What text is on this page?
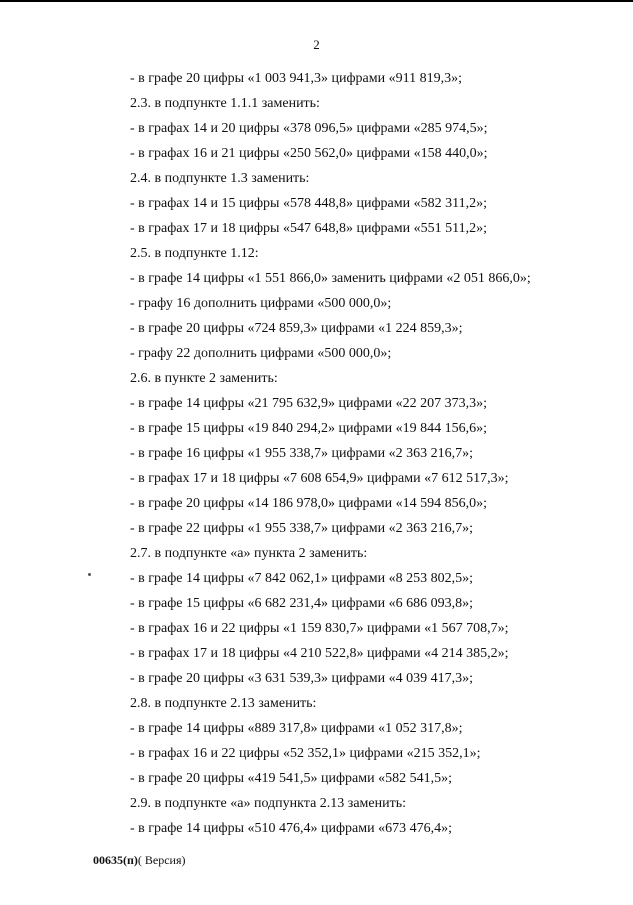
2
- в графе 20 цифры «1 003 941,3» цифрами «911 819,3»;
2.3. в подпункте 1.1.1 заменить:
- в графах 14 и 20 цифры «378 096,5» цифрами «285 974,5»;
- в графах 16 и 21 цифры «250 562,0» цифрами «158 440,0»;
2.4. в подпункте 1.3 заменить:
- в графах 14 и 15 цифры «578 448,8» цифрами «582 311,2»;
- в графах 17 и 18 цифры «547 648,8» цифрами «551 511,2»;
2.5. в подпункте 1.12:
- в графе 14 цифры «1 551 866,0» заменить цифрами «2 051 866,0»;
- графу 16 дополнить цифрами «500 000,0»;
- в графе 20 цифры «724 859,3» цифрами «1 224 859,3»;
- графу 22 дополнить цифрами «500 000,0»;
2.6. в пункте 2 заменить:
- в графе 14 цифры «21 795 632,9» цифрами «22 207 373,3»;
- в графе 15 цифры «19 840 294,2» цифрами «19 844 156,6»;
- в графе 16 цифры «1 955 338,7» цифрами «2 363 216,7»;
- в графах 17 и 18 цифры «7 608 654,9» цифрами «7 612 517,3»;
- в графе 20 цифры «14 186 978,0» цифрами «14 594 856,0»;
- в графе 22 цифры «1 955 338,7» цифрами «2 363 216,7»;
2.7. в подпункте «а» пункта 2 заменить:
- в графе 14 цифры «7 842 062,1» цифрами «8 253 802,5»;
- в графе 15 цифры «6 682 231,4» цифрами «6 686 093,8»;
- в графах 16 и 22 цифры «1 159 830,7» цифрами «1 567 708,7»;
- в графах 17 и 18 цифры «4 210 522,8» цифрами «4 214 385,2»;
- в графе 20 цифры «3 631 539,3» цифрами «4 039 417,3»;
2.8. в подпункте 2.13 заменить:
- в графе 14 цифры «889 317,8» цифрами «1 052 317,8»;
- в графах 16 и 22 цифры «52 352,1» цифрами «215 352,1»;
- в графе 20 цифры «419 541,5» цифрами «582 541,5»;
2.9. в подпункте «а» подпункта 2.13 заменить:
- в графе 14 цифры «510 476,4» цифрами «673 476,4»;
00635(п)( Версия)
